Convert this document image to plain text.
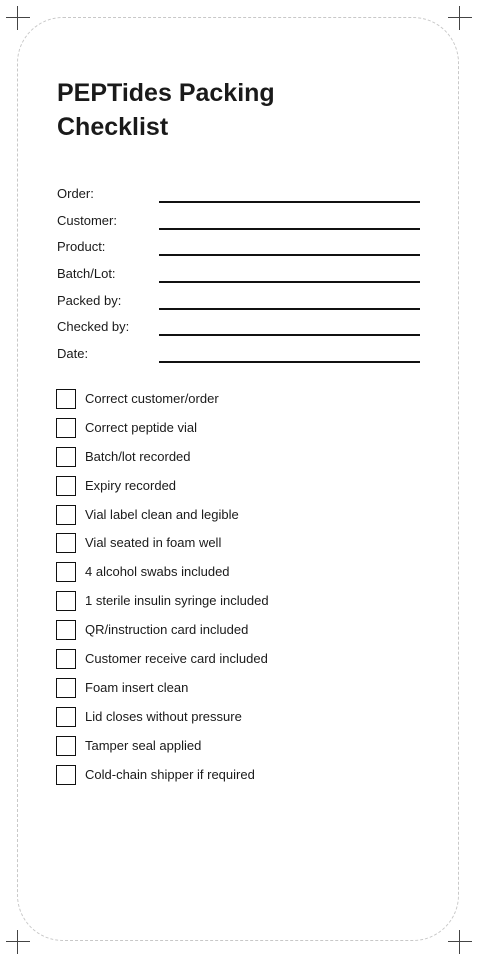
PEPTides Packing Checklist
Order:
Customer:
Product:
Batch/Lot:
Packed by:
Checked by:
Date:
Correct customer/order
Correct peptide vial
Batch/lot recorded
Expiry recorded
Vial label clean and legible
Vial seated in foam well
4 alcohol swabs included
1 sterile insulin syringe included
QR/instruction card included
Customer receive card included
Foam insert clean
Lid closes without pressure
Tamper seal applied
Cold-chain shipper if required
